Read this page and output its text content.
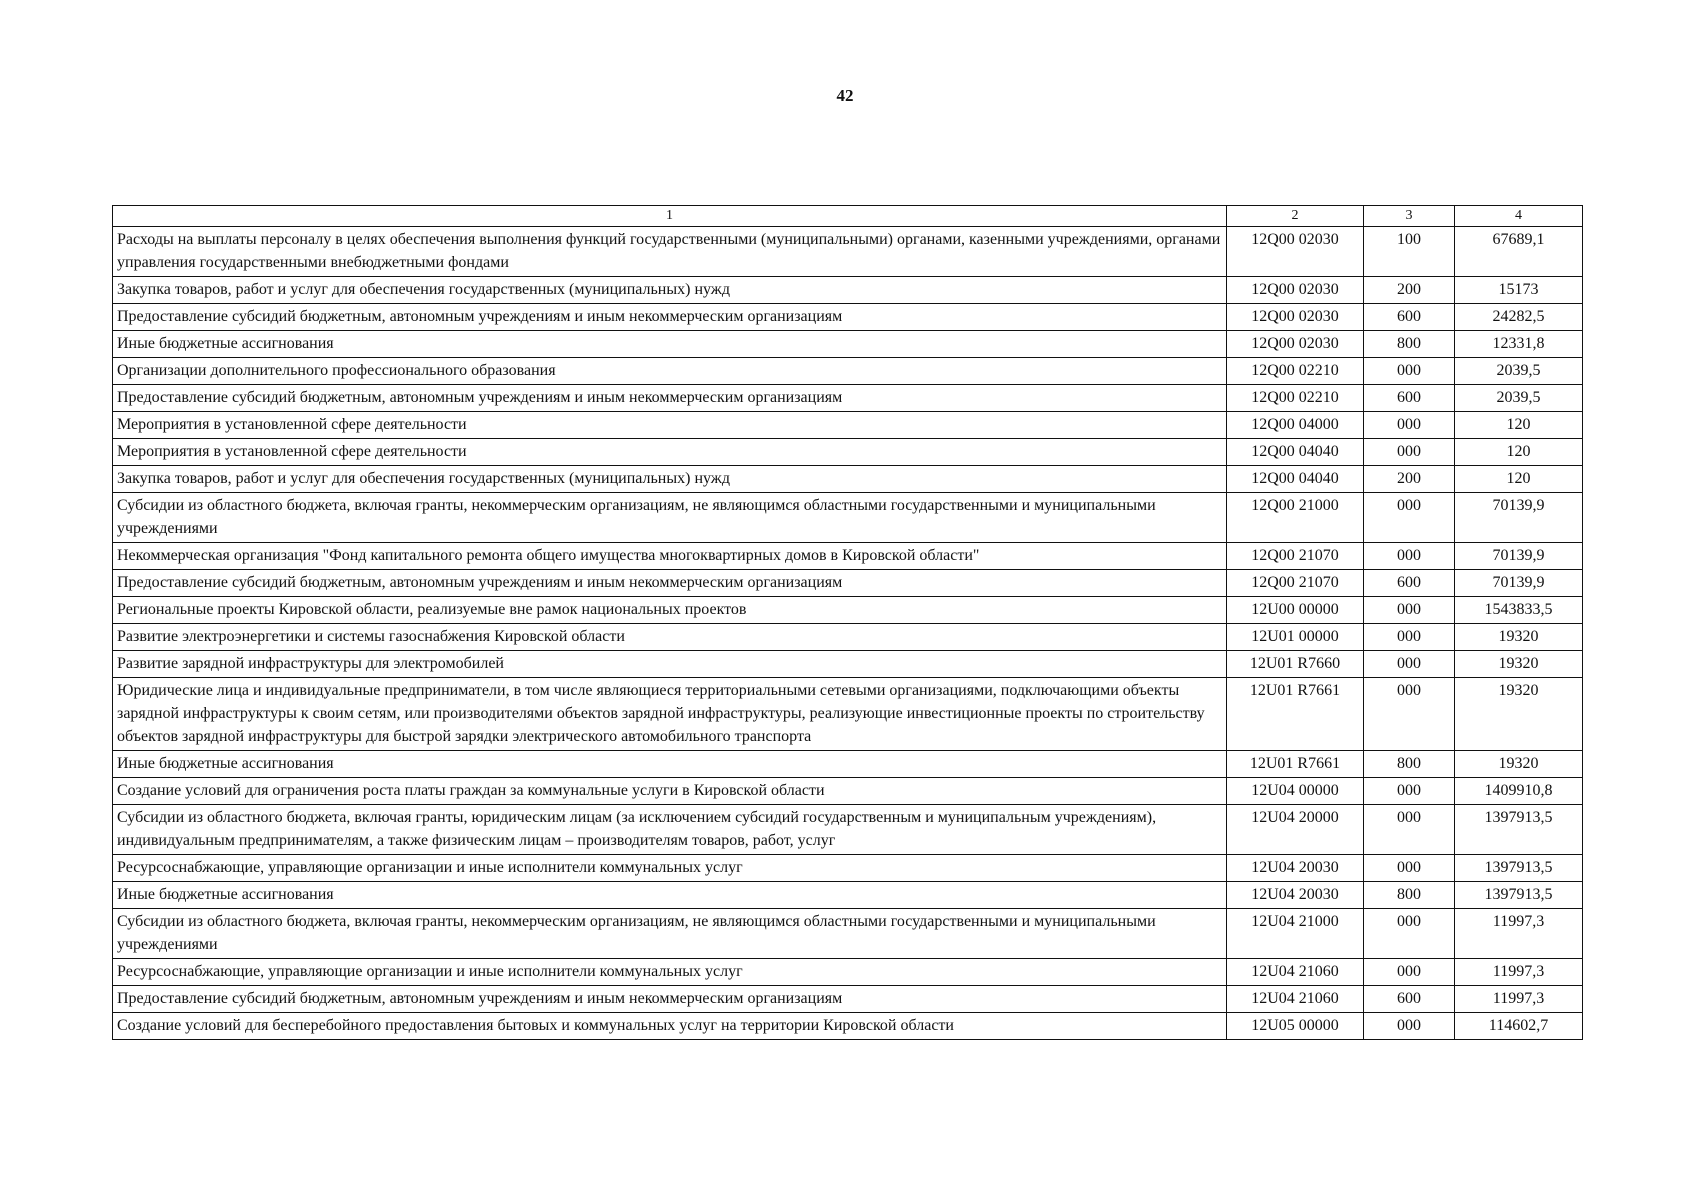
42
1	2	3	4
Расходы на выплаты персоналу в целях обеспечения выполнения функций государственными (муниципальными) органами, казенными учреждениями, органами управления государственными внебюджетными фондами	12Q00 02030	100	67689,1
Закупка товаров, работ и услуг для обеспечения государственных (муниципальных) нужд	12Q00 02030	200	15173
Предоставление субсидий бюджетным, автономным учреждениям и иным некоммерческим организациям	12Q00 02030	600	24282,5
Иные бюджетные ассигнования	12Q00 02030	800	12331,8
Организации дополнительного профессионального образования	12Q00 02210	000	2039,5
Предоставление субсидий бюджетным, автономным учреждениям и иным некоммерческим организациям	12Q00 02210	600	2039,5
Мероприятия в установленной сфере деятельности	12Q00 04000	000	120
Мероприятия в установленной сфере деятельности	12Q00 04040	000	120
Закупка товаров, работ и услуг для обеспечения государственных (муниципальных) нужд	12Q00 04040	200	120
Субсидии из областного бюджета, включая гранты, некоммерческим организациям, не являющимся областными государственными и муниципальными учреждениями	12Q00 21000	000	70139,9
Некоммерческая организация "Фонд капитального ремонта общего имущества многоквартирных домов в Кировской области"	12Q00 21070	000	70139,9
Предоставление субсидий бюджетным, автономным учреждениям и иным некоммерческим организациям	12Q00 21070	600	70139,9
Региональные проекты Кировской области, реализуемые вне рамок национальных проектов	12U00 00000	000	1543833,5
Развитие электроэнергетики и системы газоснабжения Кировской области	12U01 00000	000	19320
Развитие зарядной инфраструктуры для электромобилей	12U01 R7660	000	19320
Юридические лица и индивидуальные предприниматели, в том числе являющиеся территориальными сетевыми организациями, подключающими объекты зарядной инфраструктуры к своим сетям, или производителями объектов зарядной инфраструктуры, реализующие инвестиционные проекты по строительству объектов зарядной инфраструктуры для быстрой зарядки электрического автомобильного транспорта	12U01 R7661	000	19320
Иные бюджетные ассигнования	12U01 R7661	800	19320
Создание условий для ограничения роста платы граждан за коммунальные услуги в Кировской области	12U04 00000	000	1409910,8
Субсидии из областного бюджета, включая гранты, юридическим лицам (за исключением субсидий государственным и муниципальным учреждениям), индивидуальным предпринимателям, а также физическим лицам – производителям товаров, работ, услуг	12U04 20000	000	1397913,5
Ресурсоснабжающие, управляющие организации и иные исполнители коммунальных услуг	12U04 20030	000	1397913,5
Иные бюджетные ассигнования	12U04 20030	800	1397913,5
Субсидии из областного бюджета, включая гранты, некоммерческим организациям, не являющимся областными государственными и муниципальными учреждениями	12U04 21000	000	11997,3
Ресурсоснабжающие, управляющие организации и иные исполнители коммунальных услуг	12U04 21060	000	11997,3
Предоставление субсидий бюджетным, автономным учреждениям и иным некоммерческим организациям	12U04 21060	600	11997,3
Создание условий для бесперебойного предоставления бытовых и коммунальных услуг на территории Кировской области	12U05 00000	000	114602,7
